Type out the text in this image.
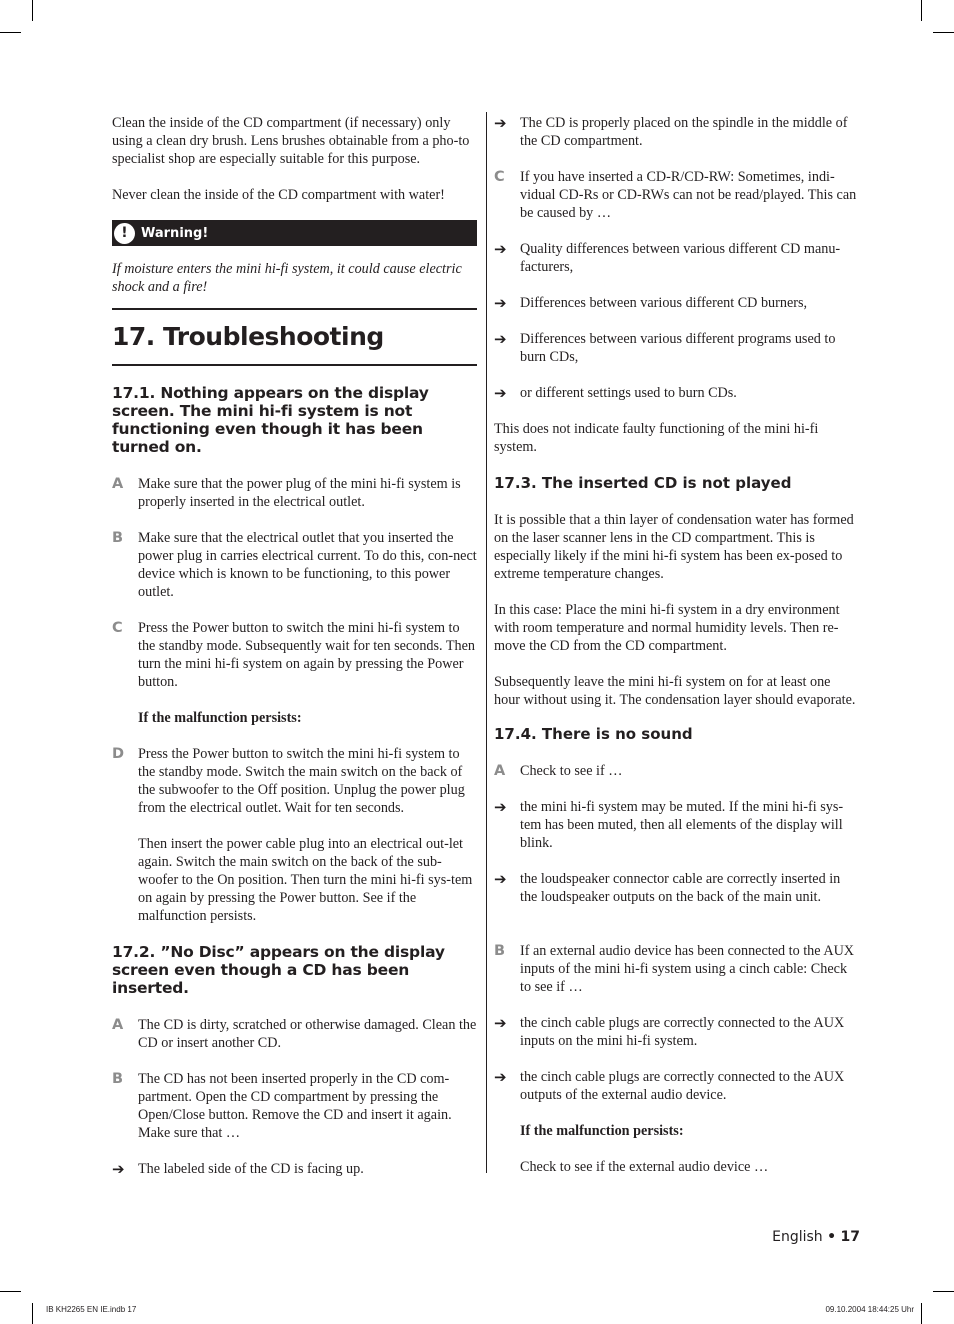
Clean the inside of the CD compartment (if necessary) only using a clean dry brush. Lens brushes obtainable from a pho-to specialist shop are especially suitable for this purpose.

Never clean the inside of the CD compartment with water!

!	Warning!

If moisture enters the mini hi-fi system, it could cause electric shock and a fire!

17. Troubleshooting
17.1. Nothing appears on the display screen. The mini hi-fi system is not functioning even though it has been turned on.
A	Make sure that the power plug of the mini hi-fi system is properly inserted in the electrical outlet.

B	Make sure that the electrical outlet that you inserted the power plug in carries electrical current. To do this, con-nect device which is known to be functioning, to this power outlet.

C	Press the Power button to switch the mini hi-fi system to the standby mode. Subsequently wait for ten seconds. Then turn the mini hi-fi system on again by pressing the Power button.

If the malfunction persists:

D Press the Power button to switch the mini hi-fi system to the standby mode. Switch the main switch on the back of the subwoofer to the Off position. Unplug the power plug from the electrical outlet. Wait for ten seconds.

Then insert the power cable plug into an electrical out-let again. Switch the main switch on the back of the sub-woofer to the On position. Then turn the mini hi-fi sys-tem on again by pressing the Power button. See if the malfunction persists.

17.2. ”No Disc” appears on the display screen even though a CD has been inserted.
A	The CD is dirty, scratched or otherwise damaged. Clean the CD or insert another CD.

B	The CD has not been inserted properly in the CD com-partment. Open the CD compartment by pressing the Open/Close button. Remove the CD and insert it again. Make sure that …

➔ The labeled side of the CD is facing up.

➔ The CD is properly placed on the spindle in the middle of the CD compartment.

C	If you have inserted a CD-R/CD-RW: Sometimes, indi-vidual CD-Rs or CD-RWs can not be read/played. This can be caused by …

➔ Quality differences between various different CD manu-facturers,

➔ Differences between various different CD burners,

➔ Differences between various different programs used to burn CDs,

➔ or different settings used to burn CDs.

This does not indicate faulty functioning of the mini hi-fi system.

17.3. The inserted CD is not played

It is possible that a thin layer of condensation water has formed on the laser scanner lens in the CD compartment. This is especially likely if the mini hi-fi system has been ex-posed to extreme temperature changes.

In this case: Place the mini hi-fi system in a dry environment with room temperature and normal humidity levels. Then re-move the CD from the CD compartment.

Subsequently leave the mini hi-fi system on for at least one hour without using it. The condensation layer should evaporate.

17.4. There is no sound
A	Check to see if …

➔ the mini hi-fi system may be muted. If the mini hi-fi sys-tem has been muted, then all elements of the display will blink.

➔ the loudspeaker connector cable are correctly inserted in the loudspeaker outputs on the back of the main unit.

B	If an external audio device has been connected to the AUX inputs of the mini hi-fi system using a cinch cable: Check to see if …

➔ the cinch cable plugs are correctly connected to the AUX inputs on the mini hi-fi system.

➔ the cinch cable plugs are correctly connected to the AUX outputs of the external audio device.

If the malfunction persists:

Check to see if the external audio device …

English • 17
IB KH2265 EN IE.indb 17	09.10.2004 18:44:25 Uhr
